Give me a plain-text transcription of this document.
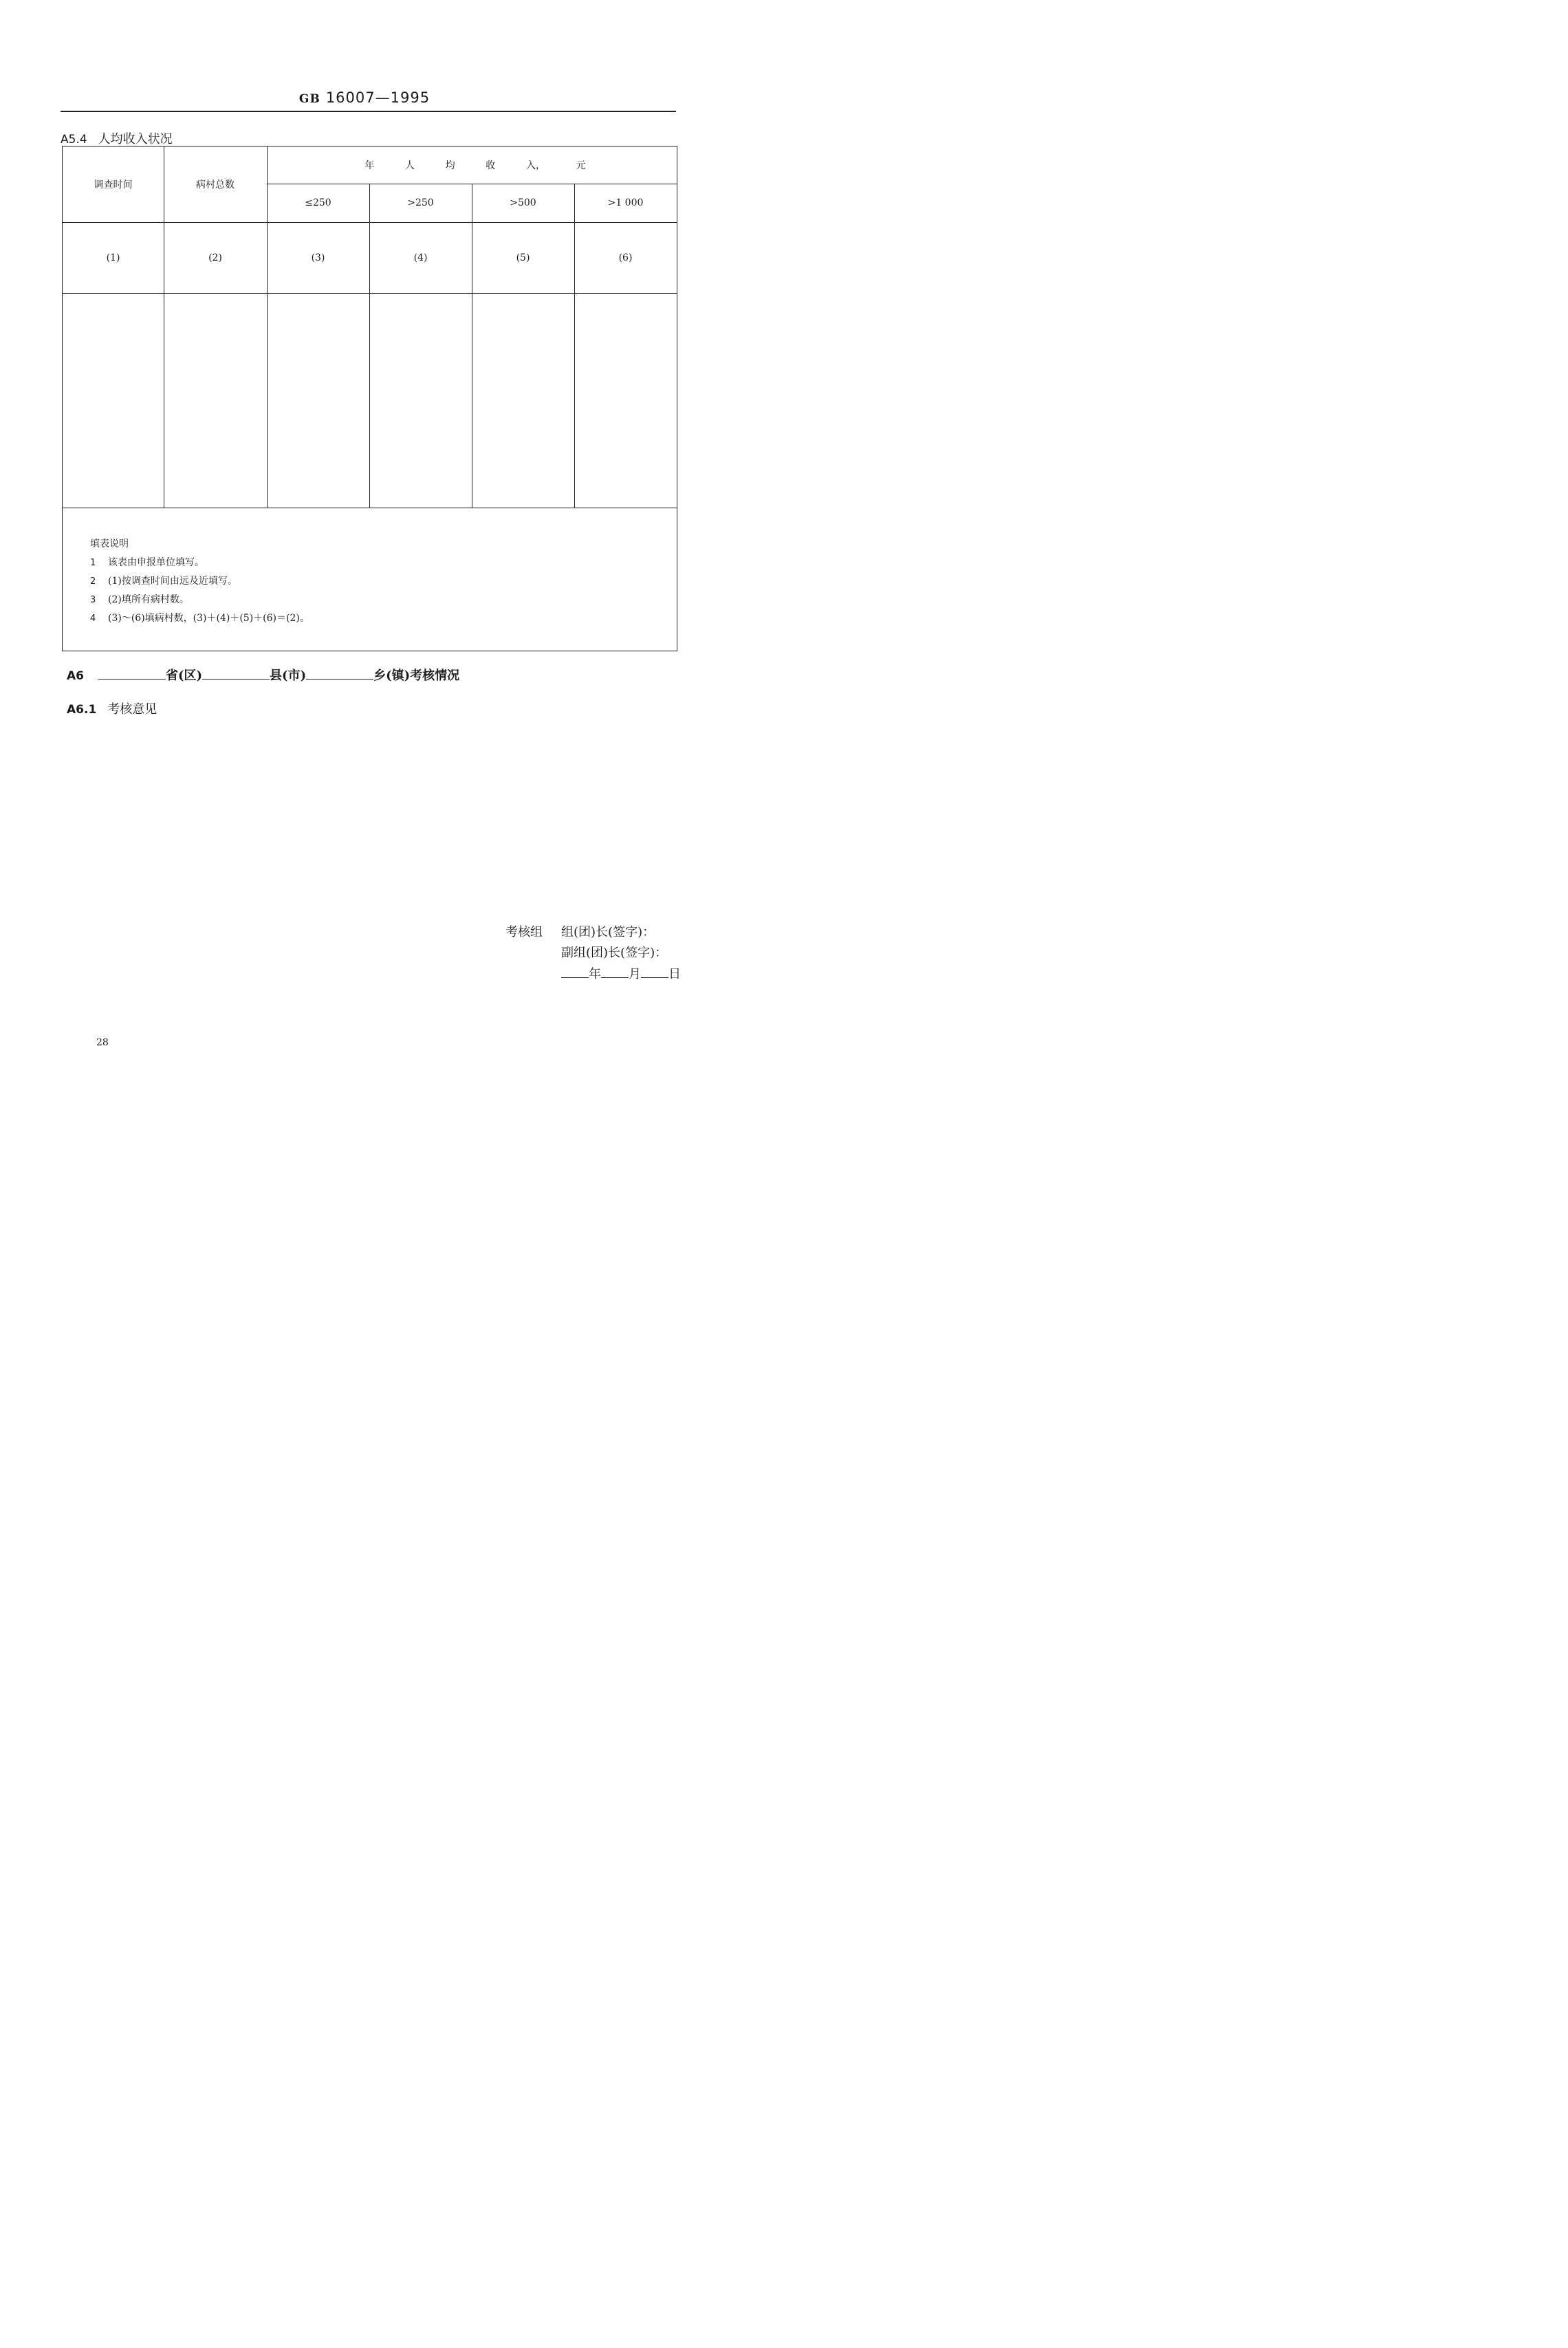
GB 16007—1995
A5.4 人均收入状况
调查时间	病村总数
年	人	均	收	入，	元
≤250	>250	>500	>1 000
(1)	(2)	(3)	(4)	(5)	(6)
填表说明
1	该表由申报单位填写。
2	(1)按调查时间由远及近填写。
3	(2)填所有病村数。
4	(3)～(6)填病村数，(3)＋(4)＋(5)＋(6)＝(2)。
A6	省(区)	县(市)	乡(镇)考核情况
A6.1 考核意见
考核组 组(团)长(签字)：
副组(团)长(签字)：
年 月 日
28
